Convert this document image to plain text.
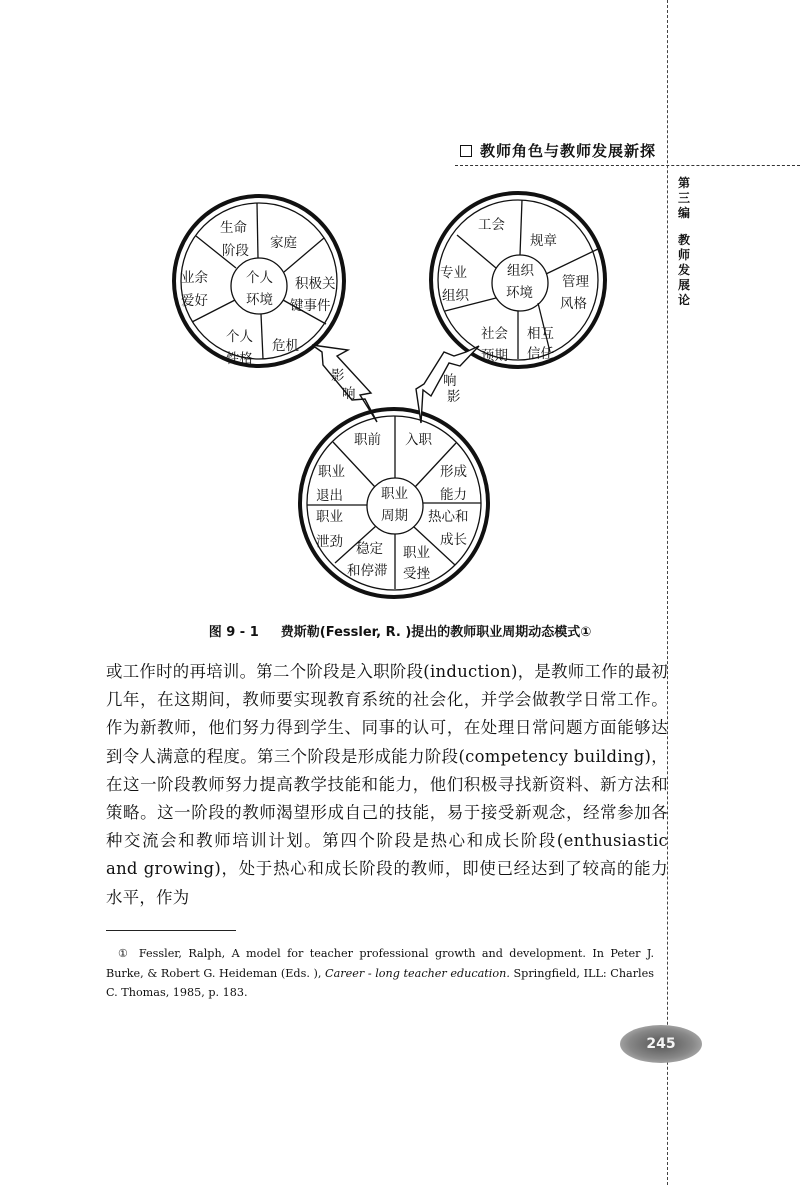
教师角色与教师发展新探
第
三
编
教
师
发
展
论
生命
阶段 家庭
积极关
键事件
危机
个人
性格
业余
爱好
个人
环境
工会
规章
管理
风格
相互
信任
社会
预期
专业
组织
组织
环境
职前 入职
形成
能力
热心和
成长
职业
受挫
稳定
和停滞
职业
泄劲
职业
退出	职业
周期
影
响
响
影
图 9 - 1 费斯勒(Fessler, R. )提出的教师职业周期动态模式①
或工作时的再培训。第二个阶段是入职阶段(induction)，是教师工作的最初几年，在这期间，教师要实现教育系统的社会化，并学会做教学日常工作。作为新教师，他们努力得到学生、同事的认可，在处理日常问题方面能够达到令人满意的程度。第三个阶段是形成能力阶段(competency building)，在这一阶段教师努力提高教学技能和能力，他们积极寻找新资料、新方法和策略。这一阶段的教师渴望形成自己的技能，易于接受新观念，经常参加各种交流会和教师培训计划。第四个阶段是热心和成长阶段(enthusiastic and growing)，处于热心和成长阶段的教师，即使已经达到了较高的能力水平，作为
① Fessler, Ralph, A model for teacher professional growth and development. In Peter J. Burke, & Robert G. Heideman (Eds. ), Career - long teacher education. Springfield, ILL: Charles C. Thomas, 1985, p. 183.
245
